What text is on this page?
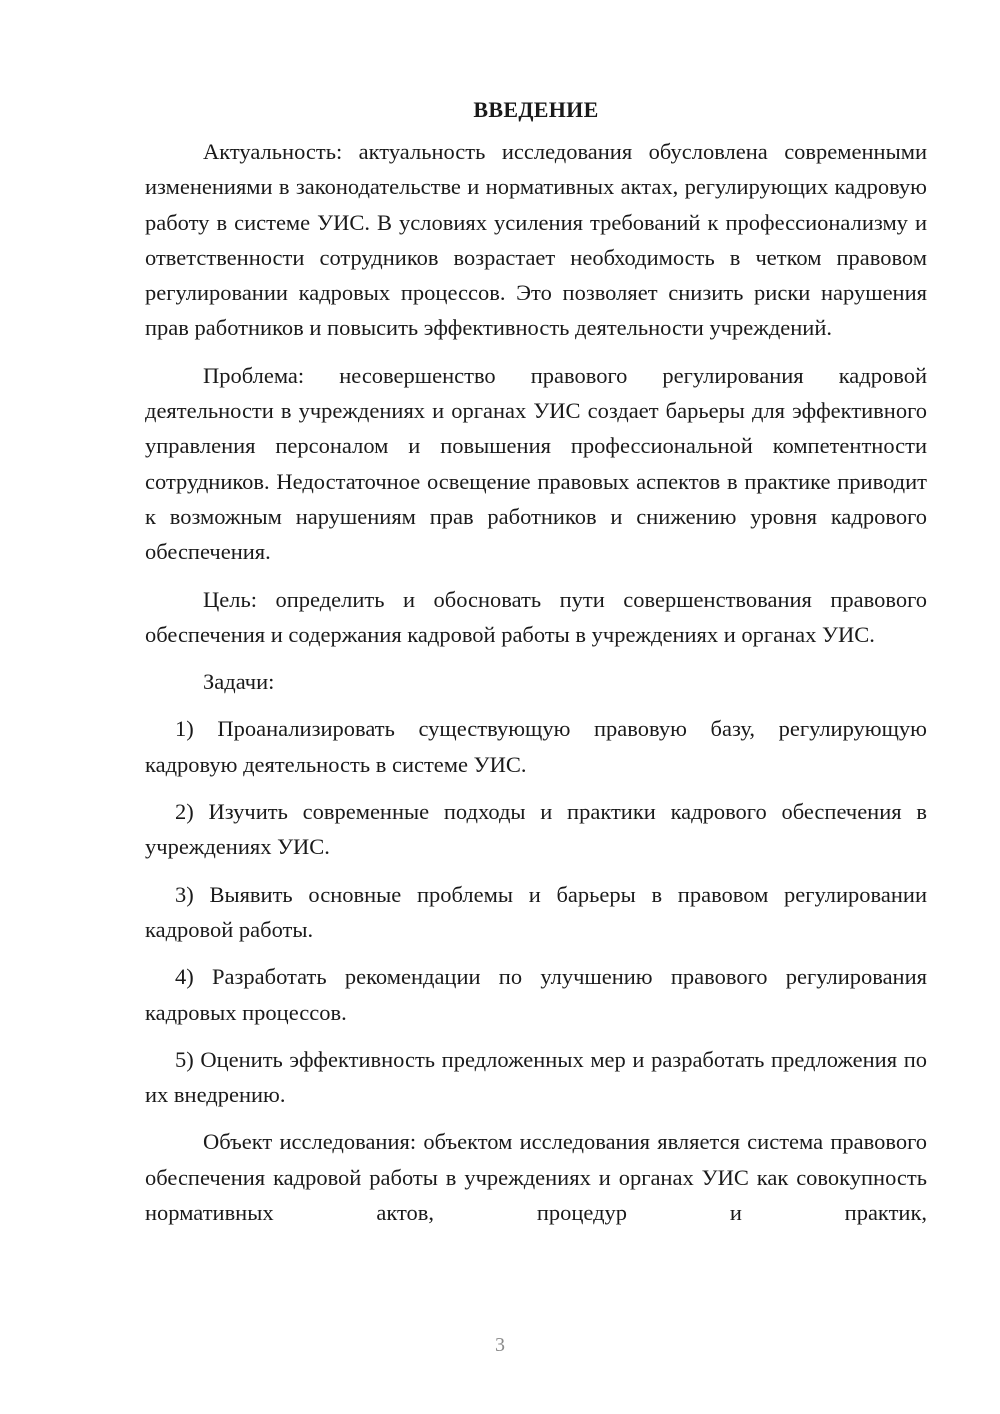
ВВЕДЕНИЕ

Актуальность: актуальность исследования обусловлена современными изменениями в законодательстве и нормативных актах, регулирующих кадровую работу в системе УИС. В условиях усиления требований к профессионализму и ответственности сотрудников возрастает необходимость в четком правовом регулировании кадровых процессов. Это позволяет снизить риски нарушения прав работников и повысить эффективность деятельности учреждений.

Проблема: несовершенство правового регулирования кадровой деятельности в учреждениях и органах УИС создает барьеры для эффективного управления персоналом и повышения профессиональной компетентности сотрудников. Недостаточное освещение правовых аспектов в практике приводит к возможным нарушениям прав работников и снижению уровня кадрового обеспечения.

Цель: определить и обосновать пути совершенствования правового обеспечения и содержания кадровой работы в учреждениях и органах УИС.

Задачи:

1) Проанализировать существующую правовую базу, регулирующую кадровую деятельность в системе УИС.

2) Изучить современные подходы и практики кадрового обеспечения в учреждениях УИС.

3) Выявить основные проблемы и барьеры в правовом регулировании кадровой работы.

4) Разработать рекомендации по улучшению правового регулирования кадровых процессов.

5) Оценить эффективность предложенных мер и разработать предложения по их внедрению.

Объект исследования: объектом исследования является система правового обеспечения кадровой работы в учреждениях и органах УИС как совокупность нормативных актов, процедур и практик,

3
